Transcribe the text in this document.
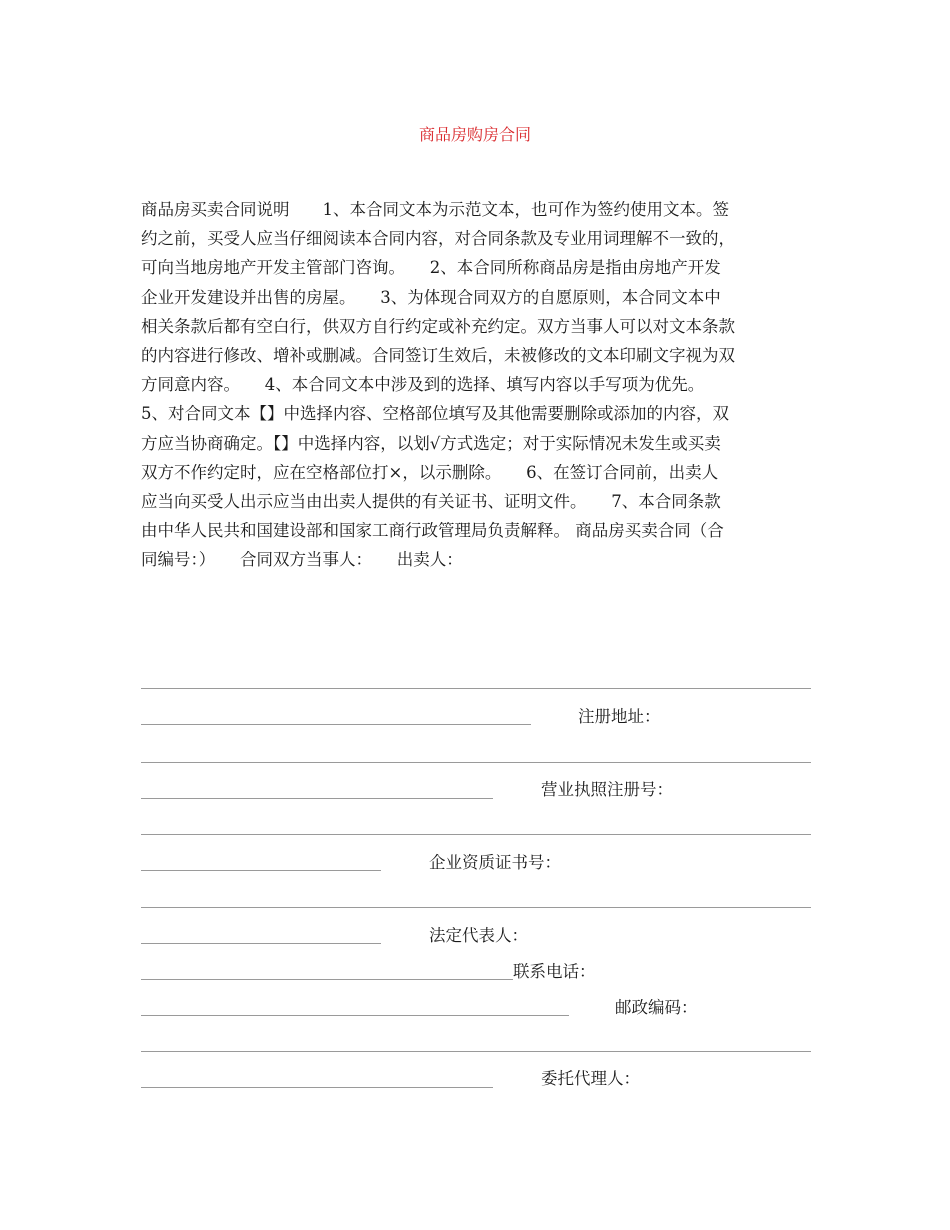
商品房购房合同
商品房买卖合同说明　　1、本合同文本为示范文本，也可作为签约使用文本。签
约之前，买受人应当仔细阅读本合同内容，对合同条款及专业用词理解不一致的，
可向当地房地产开发主管部门咨询。　　2、本合同所称商品房是指由房地产开发
企业开发建设并出售的房屋。　　3、为体现合同双方的自愿原则，本合同文本中
相关条款后都有空白行，供双方自行约定或补充约定。双方当事人可以对文本条款
的内容进行修改、增补或删减。合同签订生效后，未被修改的文本印刷文字视为双
方同意内容。　　4、本合同文本中涉及到的选择、填写内容以手写项为优先。
5、对合同文本【】中选择内容、空格部位填写及其他需要删除或添加的内容，双
方应当协商确定。【】中选择内容，以划√方式选定；对于实际情况未发生或买卖
双方不作约定时，应在空格部位打×，以示删除。　　6、在签订合同前，出卖人
应当向买受人出示应当由出卖人提供的有关证书、证明文件。　　7、本合同条款
由中华人民共和国建设部和国家工商行政管理局负责解释。 商品房买卖合同（合
同编号：）　　合同双方当事人：　　出卖人：
注册地址：
营业执照注册号：
企业资质证书号：
法定代表人：
联系电话：
邮政编码：
委托代理人：
